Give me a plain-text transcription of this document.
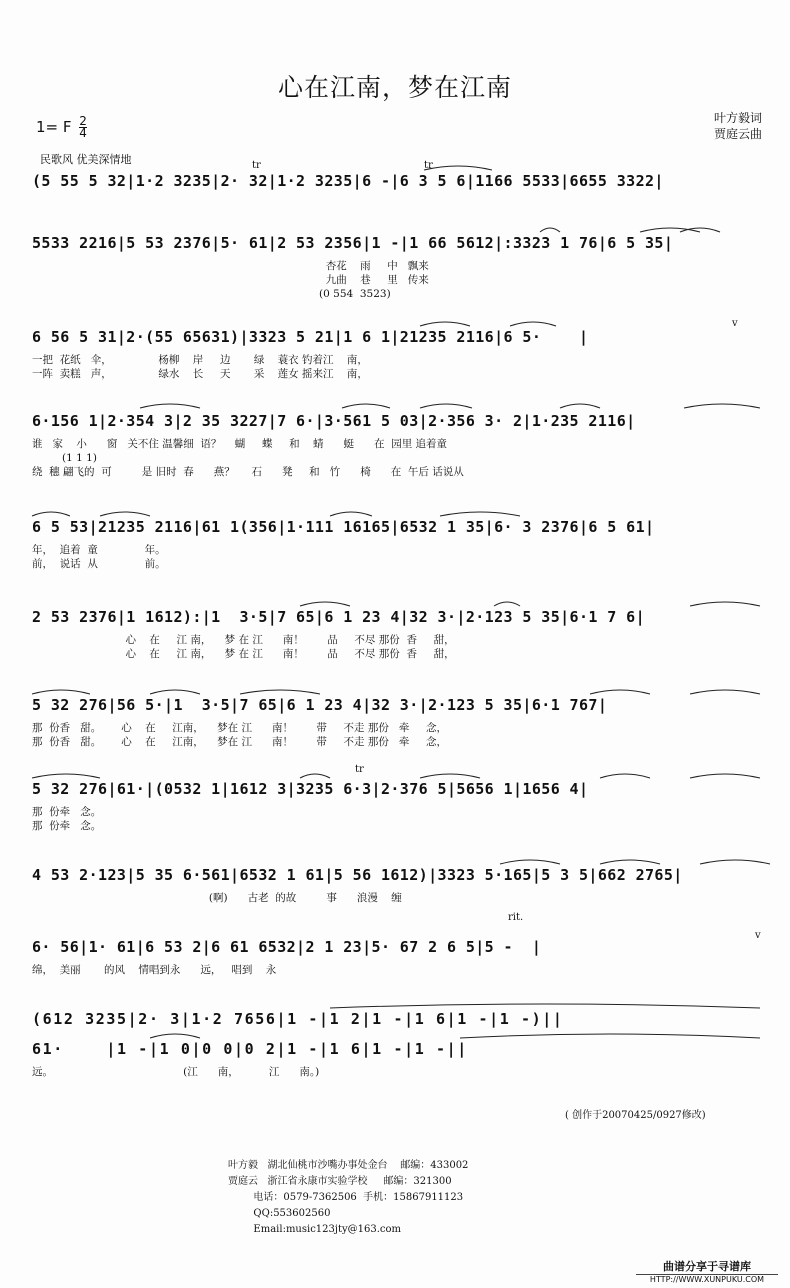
心在江南，梦在江南
1= F $\frac{2}{4}$	叶方毅词
贾庭云曲
民歌风 优美深情地
(5 55 5 32|1·2 3235|2· 32|1·2 3235|6 -|6 3 5 6|1166 5533|6655 3322|
5533 2216|5 53 2376|5· 61|2 53 2356|1 -|1 66 5612|:3323 1 76|6 5 35|
杏花    雨     中   飘来
九曲    巷     里   传来
(0 554  3523)
6 56 5 31|2·(55 65631)|3323 5 21|1 6 1|21235 2116|6 5·    |
一把  花纸   伞，              杨柳    岸     边       绿    蓑衣 钓着江    南，
一阵  卖糕   声，              绿水    长     天       采    莲女 摇来江    南，
6·156 1|2·354 3|2 35 3227|7 6·|3·561 5 03|2·356 3· 2|1·235 2116|
谁   家    小      窗   关不住 温馨细  语？    蝴     蝶     和    蜻      蜓      在  园里 追着童
(1 1 1)
绕  穗 翩飞的  可         是 旧时  春      燕？     石      凳     和   竹      椅      在  午后 话说从
6 5 53|21235 2116|61 1(356|1·111 16165|6532 1 35|6· 3 2376|6 5 61|
年，  追着  童              年。
前，  说话  从              前。
2 53 2376|1 1612):|1  3·5|7 65|6 1 23 4|32 3·|2·123 5 35|6·1 7 6|
心    在     江 南，    梦 在 江      南！       品     不尽 那份  香     甜，
心    在     江 南，    梦 在 江      南！       品     不尽 那份  香     甜，
5 32 276|56 5·|1  3·5|7 65|6 1 23 4|32 3·|2·123 5 35|6·1 767|
那  份香   甜。      心    在     江南，    梦在 江      南！       带     不走 那份   牵     念，
那  份香   甜。      心    在     江南，    梦在 江      南！       带     不走 那份   牵     念，
5 32 276|61·|(0532 1|1612 3|3235 6·3|2·376 5|5656 1|1656 4|
那  份牵   念。
那  份牵   念。
4 53 2·123|5 35 6·561|6532 1 61|5 56 1612)|3323 5·165|5 3 5|662 2765|
(啊)      古老  的故         事      浪漫    缠
6· 56|1· 61|6 53 2|6 61 6532|2 1 23|5· 67 2 6 5|5 -  |
绵，  美丽       的风    情唱到永      远，   唱到    永
(612 3235|2· 3|1·2 7656|1 -|1 2|1 -|1 6|1 -|1 -)||
61·    |1 -|1 0|0 0|0 2|1 -|1 6|1 -|1 -||
远。                                       (江      南，         江      南。)
rit.
tr	tr
tr
v
v
( 创作于20070425/0927修改)
叶方毅   湖北仙桃市沙嘴办事处金台    邮编：433002
贾庭云   浙江省永康市实验学校     邮编：321300
电话：0579-7362506  手机：15867911123
QQ:553602560
Email:music123jty@163.com
曲谱分享于寻谱库
HTTP://WWW.XUNPUKU.COM
